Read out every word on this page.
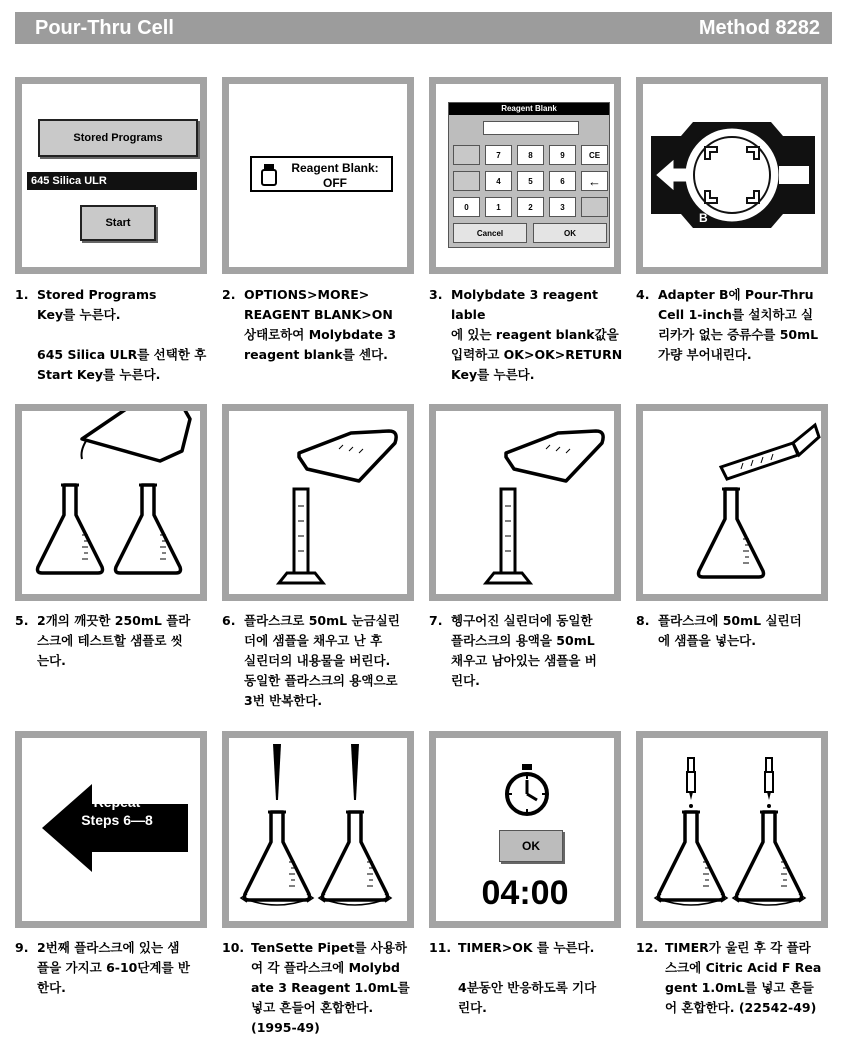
Pour-Thru Cell	Method 8282
Stored Programs
645 Silica ULR
Start
Reagent Blank:
OFF
Reagent Blank
7	8	9	CE
4	5	6	←
0	1	2	3
Cancel	OK
B
Repeat
Steps 6—8
OK
04:00
1. Stored Programs
Key를 누른다.

645 Silica ULR를 선택한 후
Start Key를 누른다.
2. OPTIONS>MORE>
REAGENT BLANK>ON
상태로하여 Molybdate 3
reagent blank를 센다.
3. Molybdate 3 reagent lable
에 있는 reagent blank값을
입력하고 OK>OK>RETURN
Key를 누른다.
4. Adapter B에 Pour-Thru
Cell 1-inch를 설치하고 실
리카가 없는 증류수를 50mL
가량 부어내린다.
5. 2개의 깨끗한 250mL 플라
스크에 테스트할 샘플로 씻
는다.
6. 플라스크로 50mL 눈금실린
더에 샘플을 채우고 난 후
실린더의 내용물을 버린다.
동일한 플라스크의 용액으로
3번 반복한다.
7. 헹구어진 실린더에 동일한
플라스크의 용액을 50mL
채우고 남아있는 샘플을 버
린다.
8. 플라스크에 50mL 실린더
에 샘플을 넣는다.
9. 2번째 플라스크에 있는 샘
플을 가지고 6-10단계를 반
한다.
10. TenSette Pipet를 사용하
여 각 플라스크에 Molybd
ate 3 Reagent 1.0mL를
넣고 흔들어 혼합한다.
(1995-49)
11. TIMER>OK 를 누른다.

4분동안 반응하도록 기다
린다.
12. TIMER가 울린 후 각 플라
스크에 Citric Acid F Rea
gent 1.0mL를 넣고 흔들
어 혼합한다. (22542-49)
